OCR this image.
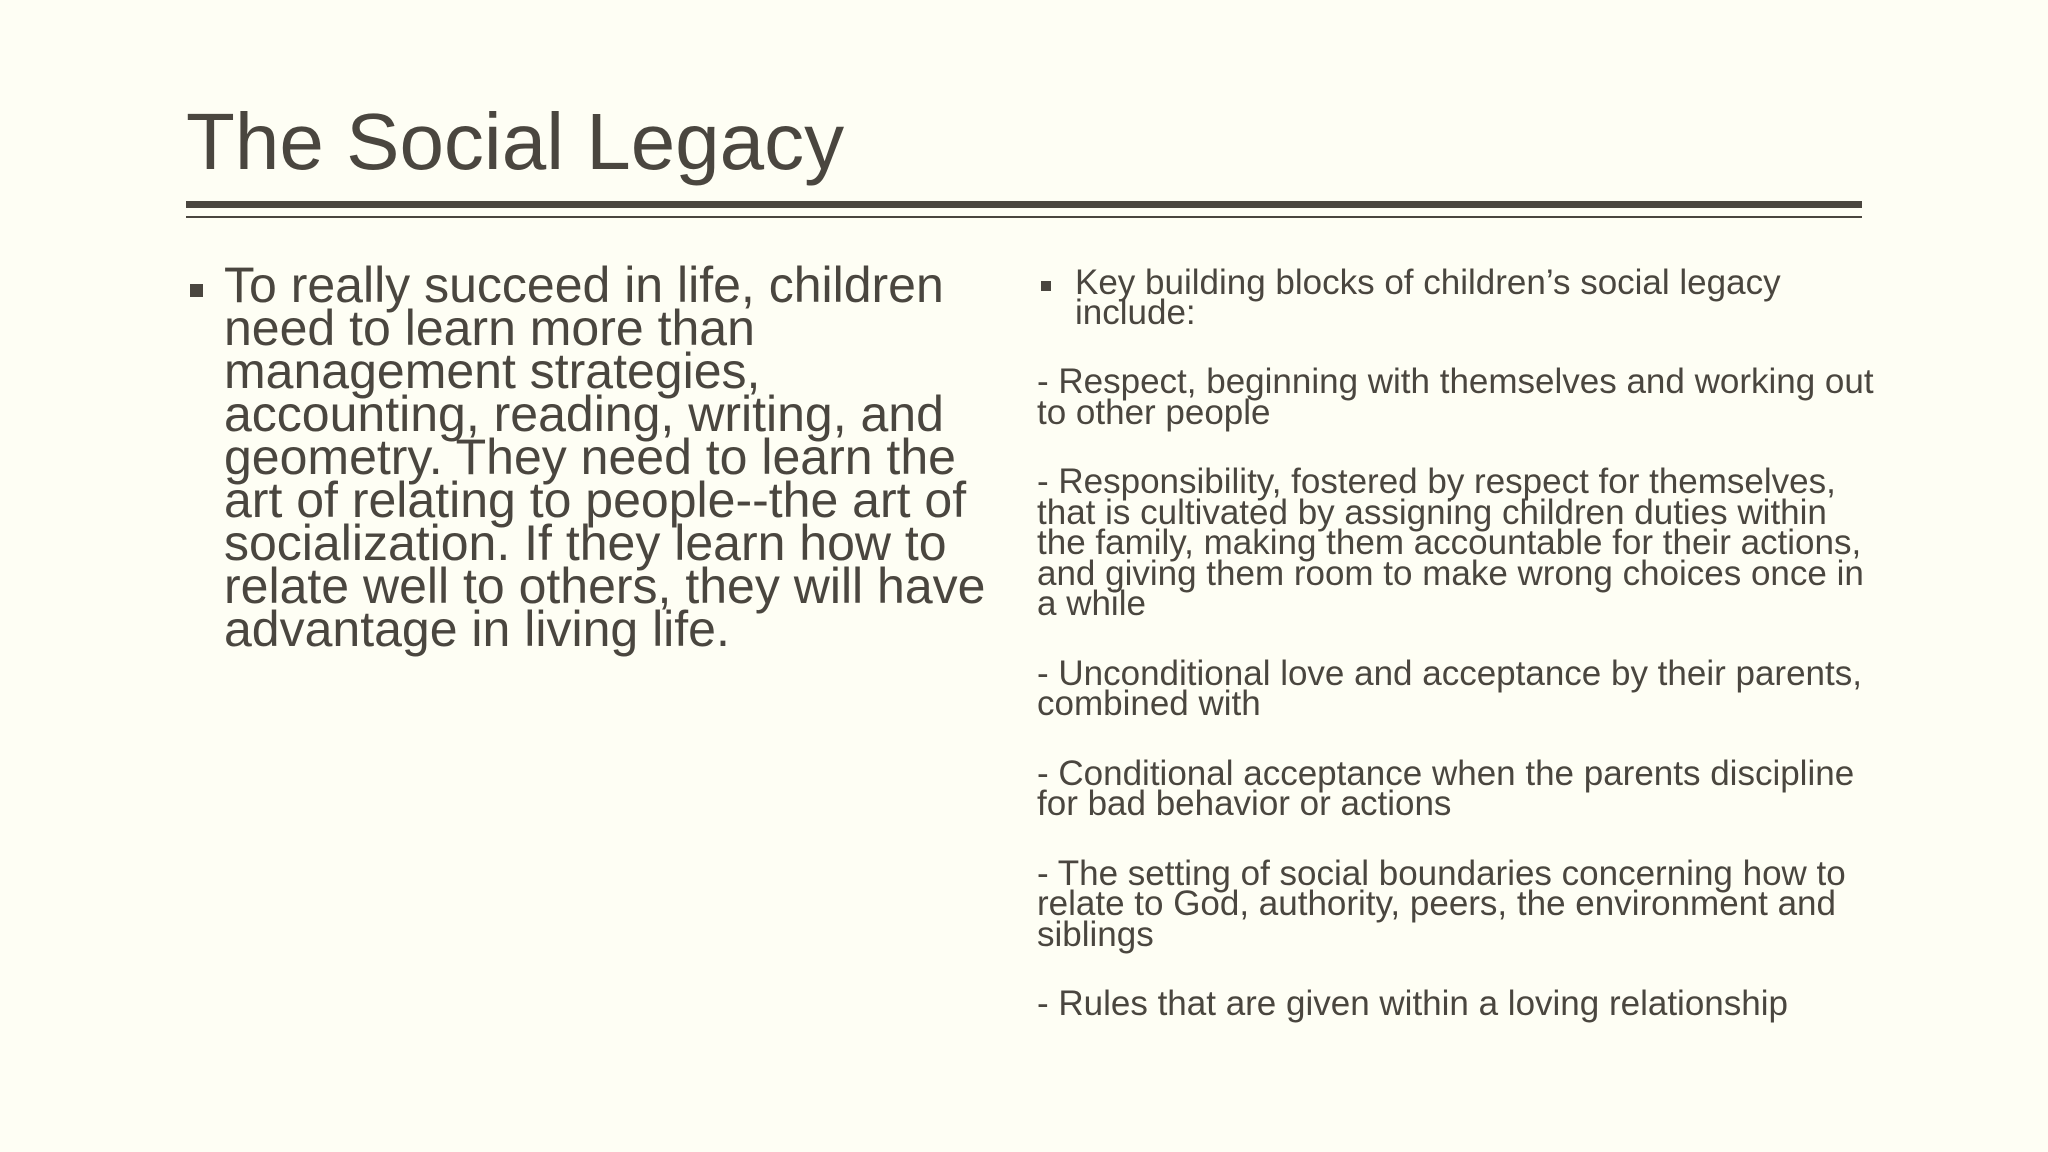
The Social Legacy
To really succeed in life, children need to learn more than management strategies, accounting, reading, writing, and geometry. They need to learn the art of relating to people--the art of socialization. If they learn how to relate well to others, they will have advantage in living life.
Key building blocks of children’s social legacy include:
- Respect, beginning with themselves and working out to other people
- Responsibility, fostered by respect for themselves, that is cultivated by assigning children duties within the family, making them accountable for their actions, and giving them room to make wrong choices once in a while
- Unconditional love and acceptance by their parents, combined with
- Conditional acceptance when the parents discipline for bad behavior or actions
- The setting of social boundaries concerning how to relate to God, authority, peers, the environment and siblings
- Rules that are given within a loving relationship
